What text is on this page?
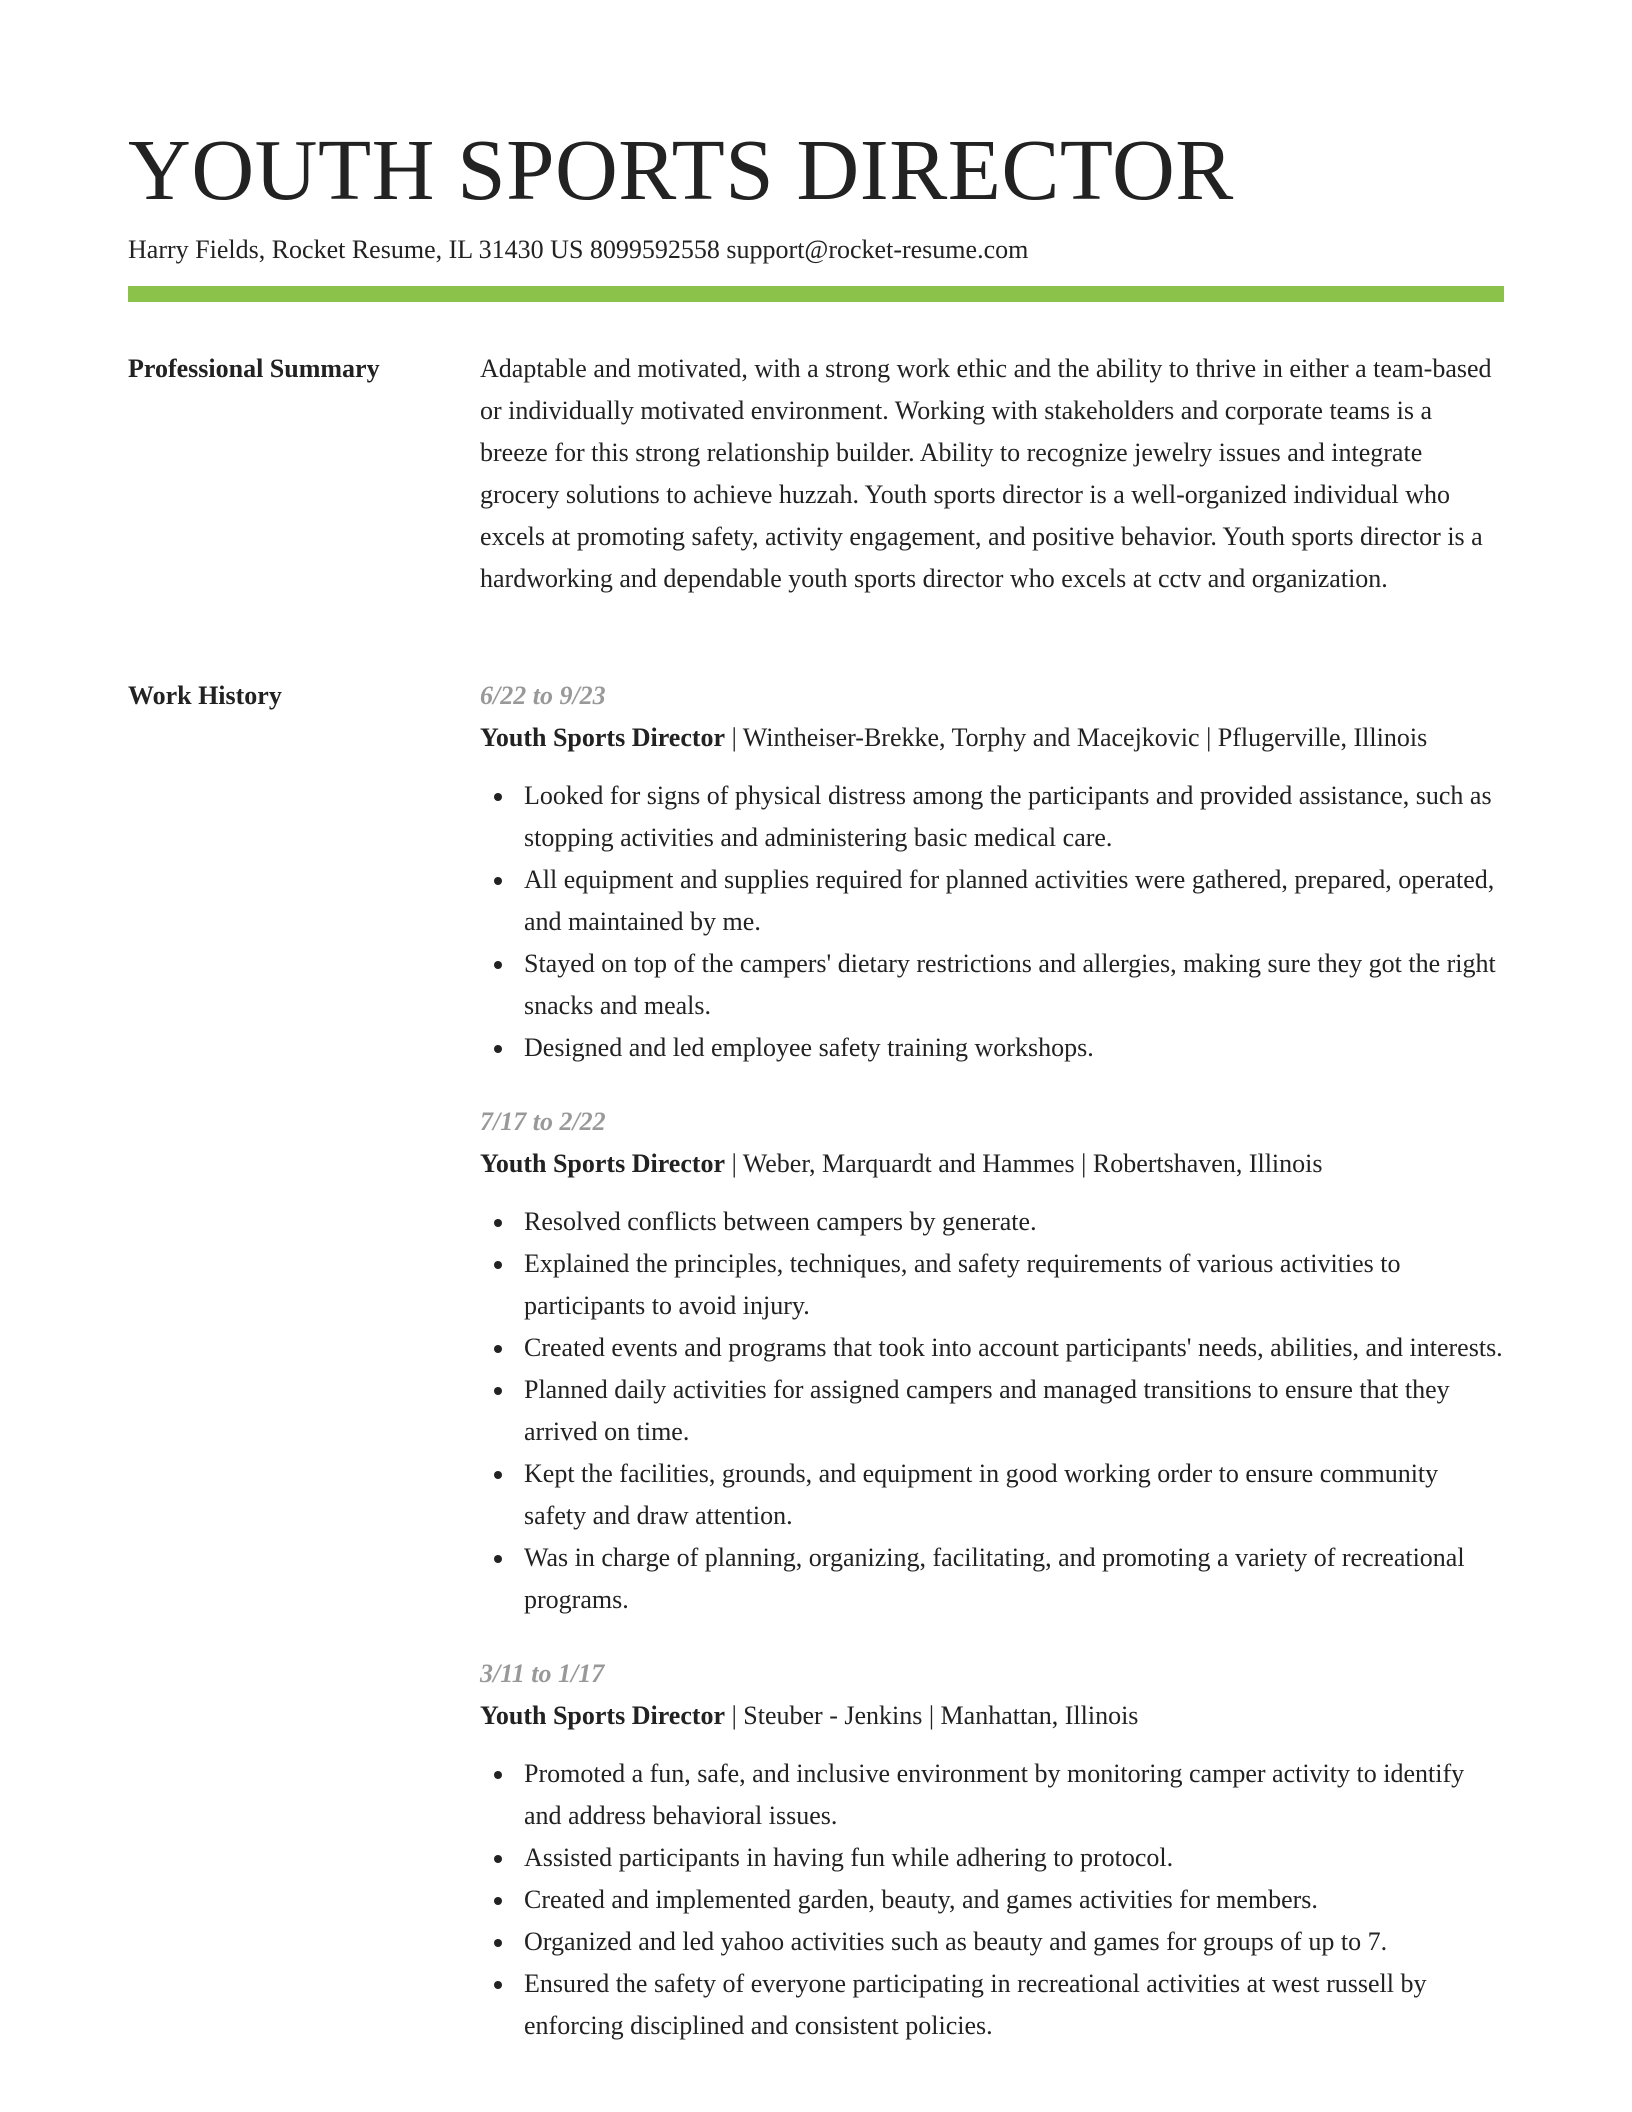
YOUTH SPORTS DIRECTOR
Harry Fields, Rocket Resume, IL 31430 US 8099592558 support@rocket-resume.com
Professional Summary	Adaptable and motivated, with a strong work ethic and the ability to thrive in either a team-based or individually motivated environment. Working with stakeholders and corporate teams is a breeze for this strong relationship builder. Ability to recognize jewelry issues and integrate grocery solutions to achieve huzzah. Youth sports director is a well-organized individual who excels at promoting safety, activity engagement, and positive behavior. Youth sports director is a hardworking and dependable youth sports director who excels at cctv and organization.

Work History	6/22 to 9/23

Youth Sports Director | Wintheiser-Brekke, Torphy and Macejkovic | Pflugerville, Illinois

Looked for signs of physical distress among the participants and provided assistance, such as stopping activities and administering basic medical care.
All equipment and supplies required for planned activities were gathered, prepared, operated, and maintained by me.
Stayed on top of the campers' dietary restrictions and allergies, making sure they got the right snacks and meals.
Designed and led employee safety training workshops.
7/17 to 2/22

Youth Sports Director | Weber, Marquardt and Hammes | Robertshaven, Illinois

Resolved conflicts between campers by generate.
Explained the principles, techniques, and safety requirements of various activities to participants to avoid injury.
Created events and programs that took into account participants' needs, abilities, and interests.
Planned daily activities for assigned campers and managed transitions to ensure that they arrived on time.
Kept the facilities, grounds, and equipment in good working order to ensure community safety and draw attention.
Was in charge of planning, organizing, facilitating, and promoting a variety of recreational programs.
3/11 to 1/17

Youth Sports Director | Steuber - Jenkins | Manhattan, Illinois

Promoted a fun, safe, and inclusive environment by monitoring camper activity to identify and address behavioral issues.
Assisted participants in having fun while adhering to protocol.
Created and implemented garden, beauty, and games activities for members.
Organized and led yahoo activities such as beauty and games for groups of up to 7.
Ensured the safety of everyone participating in recreational activities at west russell by enforcing disciplined and consistent policies.
